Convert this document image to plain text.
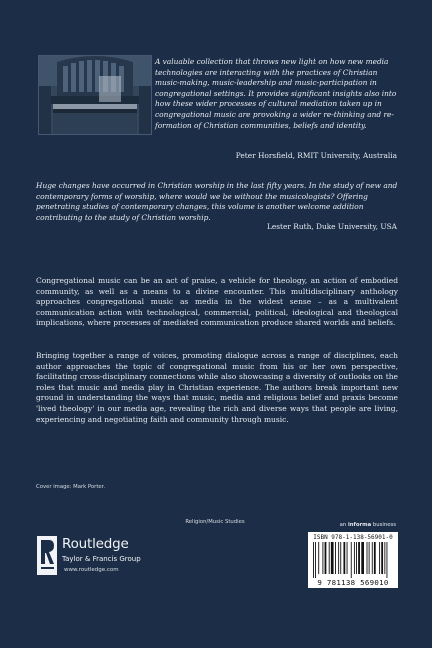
A valuable collection that throws new light on how new media technologies are interacting with the practices of Christian music-making, music-leadership and music-participation in congregational settings. It provides significant insights also into how these wider processes of cultural mediation taken up in congregational music are provoking a wider re-thinking and re-formation of Christian communities, beliefs and identity.
Peter Horsfield, RMIT University, Australia
Huge changes have occurred in Christian worship in the last fifty years. In the study of new and contemporary forms of worship, where would we be without the musicologists? Offering penetrating studies of contemporary changes, this volume is another welcome addition contributing to the study of Christian worship.
Lester Ruth, Duke University, USA
Congregational music can be an act of praise, a vehicle for theology, an action of embodied community, as well as a means to a divine encounter. This multidisciplinary anthology approaches congregational music as media in the widest sense – as a multivalent communication action with technological, commercial, political, ideological and theological implications, where processes of mediated communication produce shared worlds and beliefs.
Bringing together a range of voices, promoting dialogue across a range of disciplines, each author approaches the topic of congregational music from his or her own perspective, facilitating cross-disciplinary connections while also showcasing a diversity of outlooks on the roles that music and media play in Christian experience. The authors break important new ground in understanding the ways that music, media and religious belief and praxis become 'lived theology' in our media age, revealing the rich and diverse ways that people are living, experiencing and negotiating faith and community through music.
Cover image: Mark Porter.
Religion/Music Studies
Routledge
Taylor & Francis Group
www.routledge.com
an informa business
ISBN 978-1-138-56901-0
9 781138 569010
